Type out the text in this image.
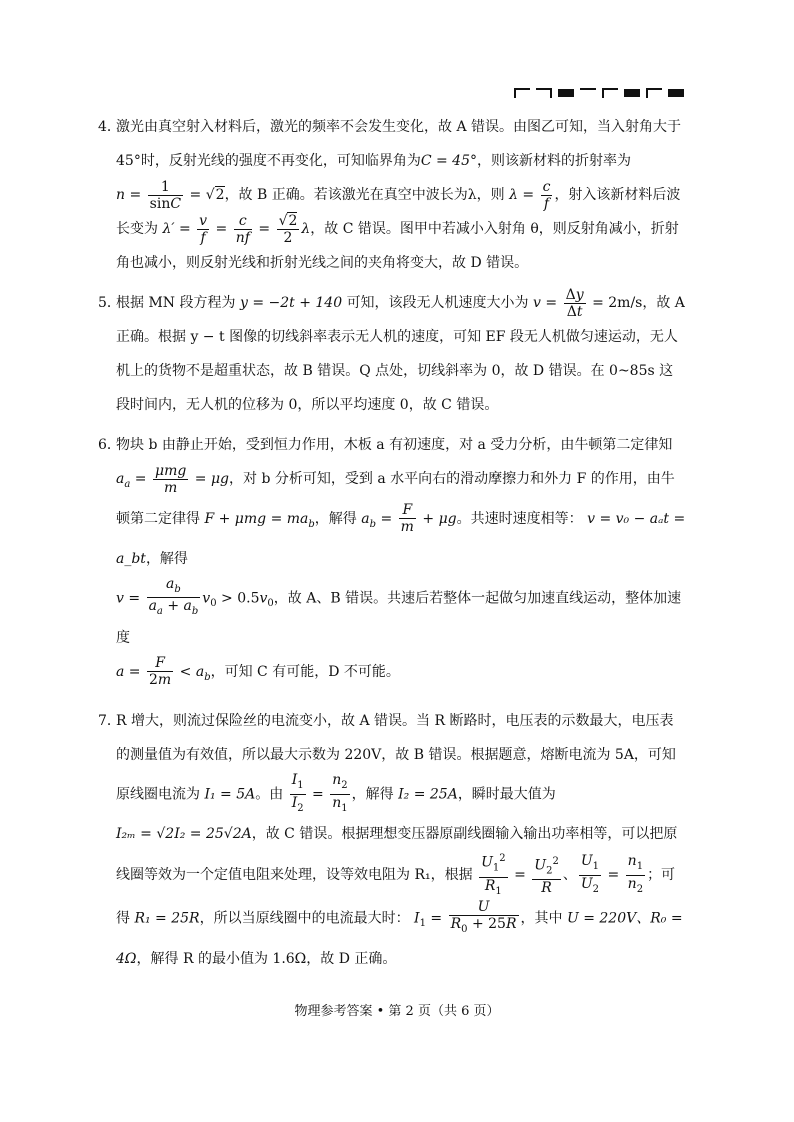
4．激光由真空射入材料后，激光的频率不会发生变化，故 A 错误。由图乙可知，当入射角大于 45°时，反射光线的强度不再变化，可知临界角为C = 45°，则该新材料的折射率为
$n = \frac{1}{\sin C} = √2$，故 B 正确。若该激光在真空中波长为λ，则 $\lambda = \frac{c}{f}$ ，射入该新材料后波长变为 $\lambda' = \frac{v}{f} = \frac{c}{nf} = \frac{√2}{2}$ λ，故 C 错误。图甲中若减小入射角 θ，则反射角减小，折射角也减小，则反射光线和折射光线之间的夹角将变大，故 D 错误。

5．根据 MN 段方程为 y = −2t + 140 可知，该段无人机速度大小为 $v = \frac{\Delta y}{\Delta t} = 2m/s$，故 A 正确。根据 y − t 图像的切线斜率表示无人机的速度，可知 EF 段无人机做匀速运动，无人机上的货物不是超重状态，故 B 错误。Q 点处，切线斜率为 0，故 D 错误。在 0~85s 这段时间内，无人机的位移为 0，所以平均速度 0，故 C 错误。

6．物块 b 由静止开始，受到恒力作用，木板 a 有初速度，对 a 受力分析，由牛顿第二定律知
$a_a = \frac{\text{μmg}}{m} = \mu g$，对 b 分析可知，受到 a 水平向右的滑动摩擦力和外力 F 的作用，由牛顿第二定律得 $F + \mu mg = ma_b$，解得 $a_b = \frac{F}{m} + \mu g$。共速时速度相等： v = v₀ − aₐt = a_bt，解得
$v = \frac{a_b}{a_a + a_b} v_0 > 0.5v_0$，故 A、B 错误。共速后若整体一起做匀加速直线运动，整体加速度
$a = \frac{F}{2m} < a_b$，可知 C 有可能，D 不可能。

7．R 增大，则流过保险丝的电流变小，故 A 错误。当 R 断路时，电压表的示数最大，电压表的测量值为有效值，所以最大示数为 220V，故 B 错误。根据题意，熔断电流为 5A，可知原线圈电流为 I₁ = 5A。由 $\frac{I_1}{I_2} = \frac{n_2}{n_1}$ ，解得 I₂ = 25A，瞬时最大值为
I₂ₘ = √2I₂ = 25√2A，故 C 错误。根据理想变压器原副线圈输入输出功率相等，可以把原线圈等效为一个定值电阻来处理，设等效电阻为 R₁，根据 $\frac{U_1^2}{R_1} = \frac{U_2^2}{R}$ 、 $\frac{U_1}{U_2} = \frac{n_1}{n_2}$ ；可得 R₁ = 25R，所以当原线圈中的电流最大时： $I_1 = \frac{U}{R_0 + 25R}$ ，其中 U = 220V、R₀ = 4Ω，解得 R 的最小值为 1.6Ω，故 D 正确。

物理参考答案 • 第 2 页（共 6 页）
